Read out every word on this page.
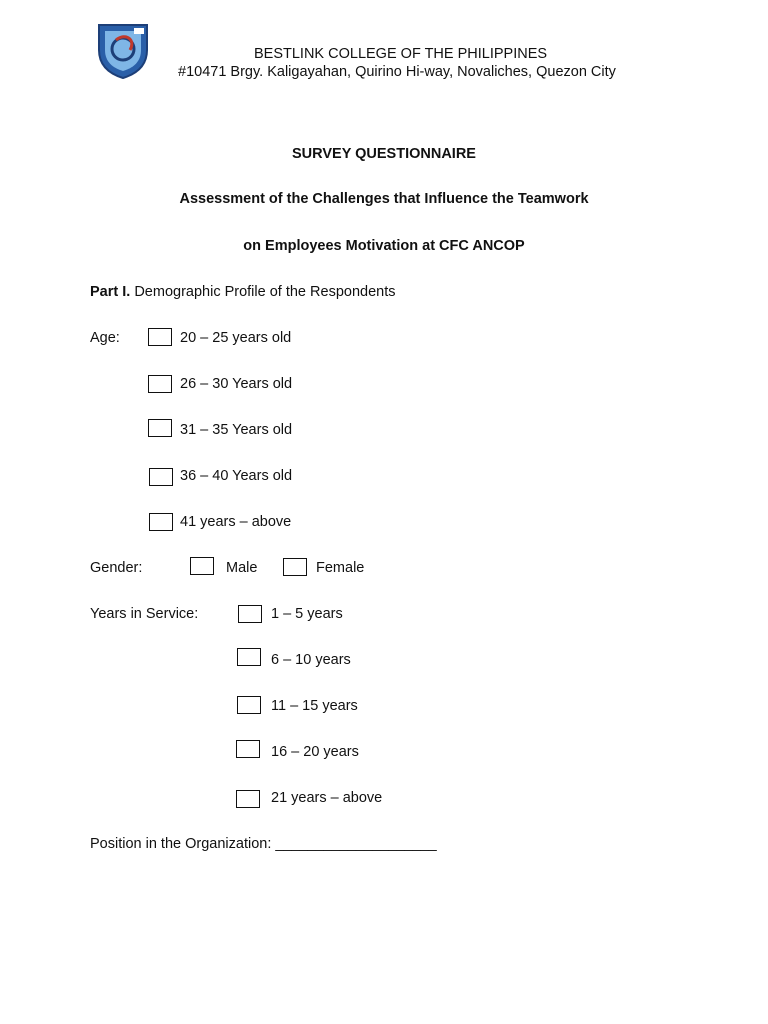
BESTLINK COLLEGE OF THE PHILIPPINES
#10471 Brgy. Kaligayahan, Quirino Hi-way, Novaliches, Quezon City
SURVEY QUESTIONNAIRE
Assessment of the Challenges that Influence the Teamwork
on Employees Motivation at CFC ANCOP
Part I. Demographic Profile of the Respondents
Age:	20 – 25 years old
26 – 30 Years old
31 – 35 Years old
36 – 40 Years old
41 years – above
Gender:	Male	Female
Years in Service:	1 – 5 years
6 – 10 years
11 – 15 years
16 – 20 years
21 years – above
Position in the Organization: ____________________
